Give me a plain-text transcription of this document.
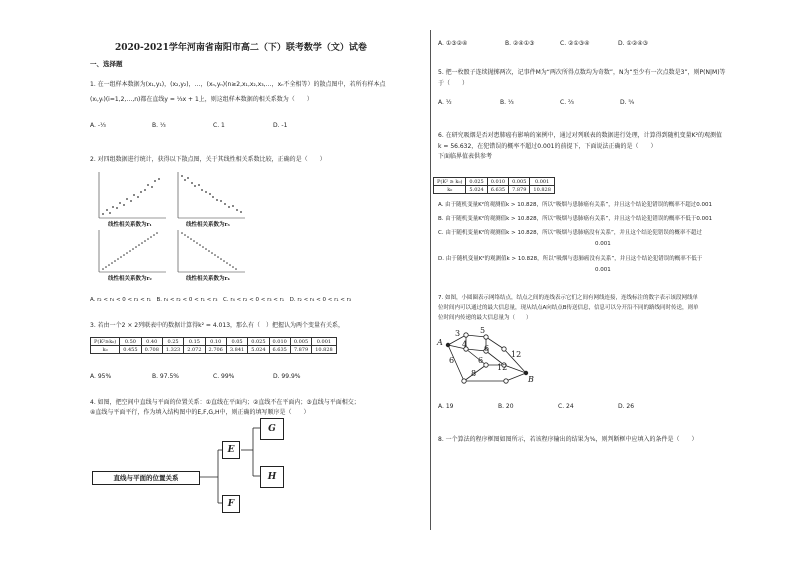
2020-2021学年河南省南阳市高二（下）联考数学（文）试卷
一、选择题
1. 在一组样本数据为(x₁,y₁)，(x₂,y₂)，…，(xₙ,yₙ)(n≥2,x₁,x₂,x₃,…，xₙ不全相等）的散点图中，若所有样本点
(xᵢ,yᵢ)(i=1,2,…,n)都在直线y = ⅓x + 1上，则这组样本数据的相关系数为（　　）
A. -⅓	B. ⅓	C. 1	D. -1
2. 对四组数据进行统计，获得以下散点图，关于其线性相关系数比较，正确的是（　　）
线性相关系数为r₁	线性相关系数为r₃
线性相关系数为r₂	线性相关系数为r₄
A. r₂ < r₄ < 0 < r₃ < r₁　B. r₄ < r₂ < 0 < r₁ < r₃　C. r₄ < r₂ < 0 < r₃ < r₁　D. r₂ < r₄ < 0 < r₁ < r₃
3. 若由一个2 × 2列联表中的数据计算得k² = 4.013，那么有（　）把握认为两个变量有关系，
P(K²≥k₀)	0.50	0.40	0.25	0.15	0.10	0.05	0.025	0.010	0.005	0.001
k₀	0.455	0.708	1.323	2.072	2.706	3.841	5.024	6.635	7.879	10.828
A. 95%	B. 97.5%	C. 99%	D. 99.9%
4. 如图，把空间中直线与平面的位置关系：①直线在平面内；②直线不在平面内；③直线与平面相交；
④直线与平面平行，作为填入结构图中的E,F,G,H中，则正确的填写顺序是（　　）
直线与平面的位置关系
E
F
G
H
A. ①③②④	B. ②④①③	C. ②①③④	D. ①②④③
5. 把一枚骰子连续抛掷两次，记事件M为“两次所得点数均为奇数”，N为“至少有一次点数是3”，则P(N|M)等
于（　　）
A. ½	B. ⅓	C. ⅔	D. ⁵⁄₉
6. 在研究吸烟是否对患肺癌有影响的案例中，通过对列联表的数据进行处理，计算得到随机变量K²的观测值
k = 56.632，在犯错误的概率不超过0.001的前提下，下面说法正确的是（　　）
下面临界值表供参考
P(K² ≥ k₀)	0.025	0.010	0.005	0.001
k₀	5.024	6.635	7.879	10.828
A. 由于随机变量K²的观测值k > 10.828，所以“吸烟与患肺癌有关系”，并且这个结论犯错误的概率不超过0.001
B. 由于随机变量K²的观测值k > 10.828，所以“吸烟与患肺癌有关系”，并且这个结论犯错误的概率不低于0.001
C. 由于随机变量K²的观测值k > 10.828，所以“吸烟与患肺癌没有关系”，并且这个结论犯错误的概率不超过
0.001
D. 由于随机变量K²的观测值k > 10.828，所以“吸烟与患肺癌没有关系”，并且这个结论犯错误的概率不低于
0.001
7. 如图，小圆圈表示网络结点，结点之间的连线表示它们之间有网线连接，连线标注的数字表示该段网线单
位时间内可以通过的最大信息量，现从结点A向结点B传送信息，信息可以分开沿不同的路线同时传送，则单
位时间内传递的最大信息量为（　　）
A
B
3 5
4 6
6
12
6
8
12
A. 19	B. 20	C. 24	D. 26
8. 一个算法的程序框图如图所示，若该程序输出的结果为⁵⁄₆，则判断框中应填入的条件是（　　）
